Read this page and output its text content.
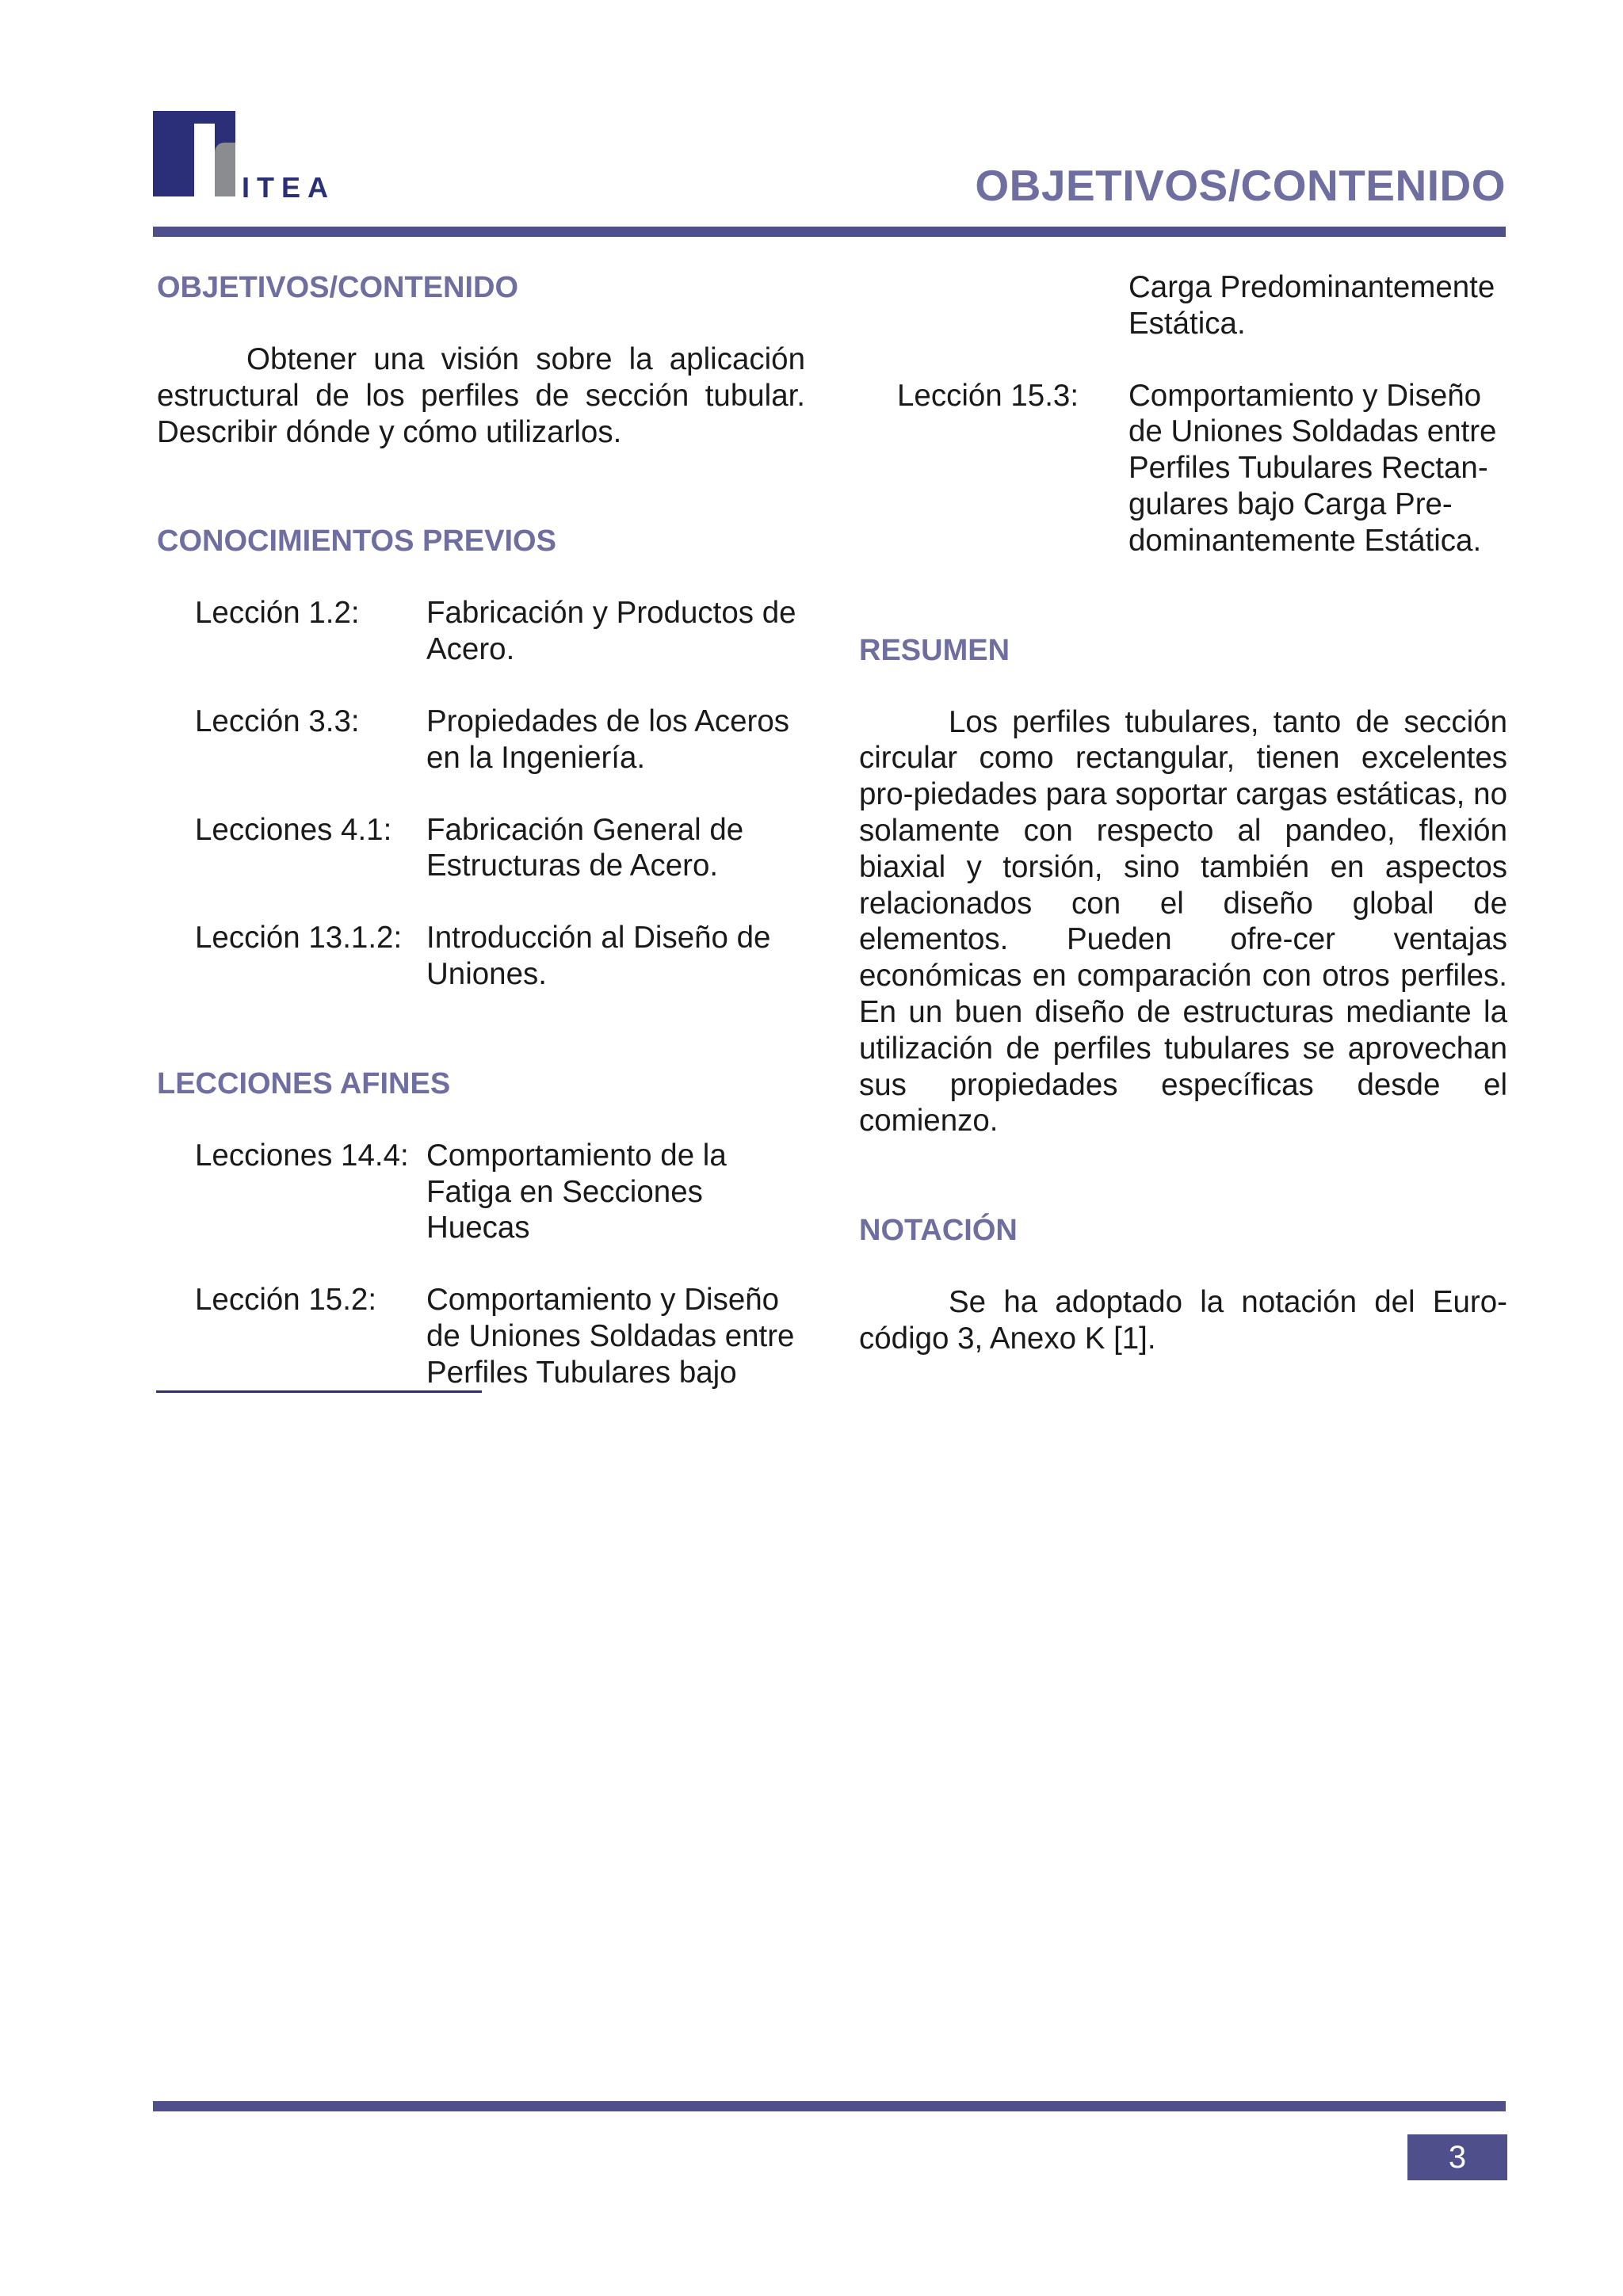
ITEA	OBJETIVOS/CONTENIDO
OBJETIVOS/CONTENIDO
Obtener una visión sobre la aplicación estructural de los perfiles de sección tubular. Describir dónde y cómo utilizarlos.
CONOCIMIENTOS PREVIOS
Lección 1.2:	Fabricación y Productos de Acero.
Lección 3.3:	Propiedades de los Aceros en la Ingeniería.
Lecciones 4.1:	Fabricación General de Estructuras de Acero.
Lección 13.1.2: Introducción al Diseño de Uniones.
LECCIONES AFINES
Lecciones 14.4: Comportamiento de la Fatiga en Secciones Huecas
Lección 15.2:	Comportamiento y Diseño de Uniones Soldadas entre Perfiles Tubulares bajo
Carga Predominantemente Estática.
Lección 15.3:	Comportamiento y Diseño de Uniones Soldadas entre Perfiles Tubulares Rectan-gulares bajo Carga Pre-dominantemente Estática.
RESUMEN
Los perfiles tubulares, tanto de sección circular como rectangular, tienen excelentes pro-piedades para soportar cargas estáticas, no solamente con respecto al pandeo, flexión biaxial y torsión, sino también en aspectos relacionados con el diseño global de elementos. Pueden ofre-cer ventajas económicas en comparación con otros perfiles. En un buen diseño de estructuras mediante la utilización de perfiles tubulares se aprovechan sus propiedades específicas desde el comienzo.
NOTACIÓN
Se ha adoptado la notación del Euro-código 3, Anexo K [1].
3
